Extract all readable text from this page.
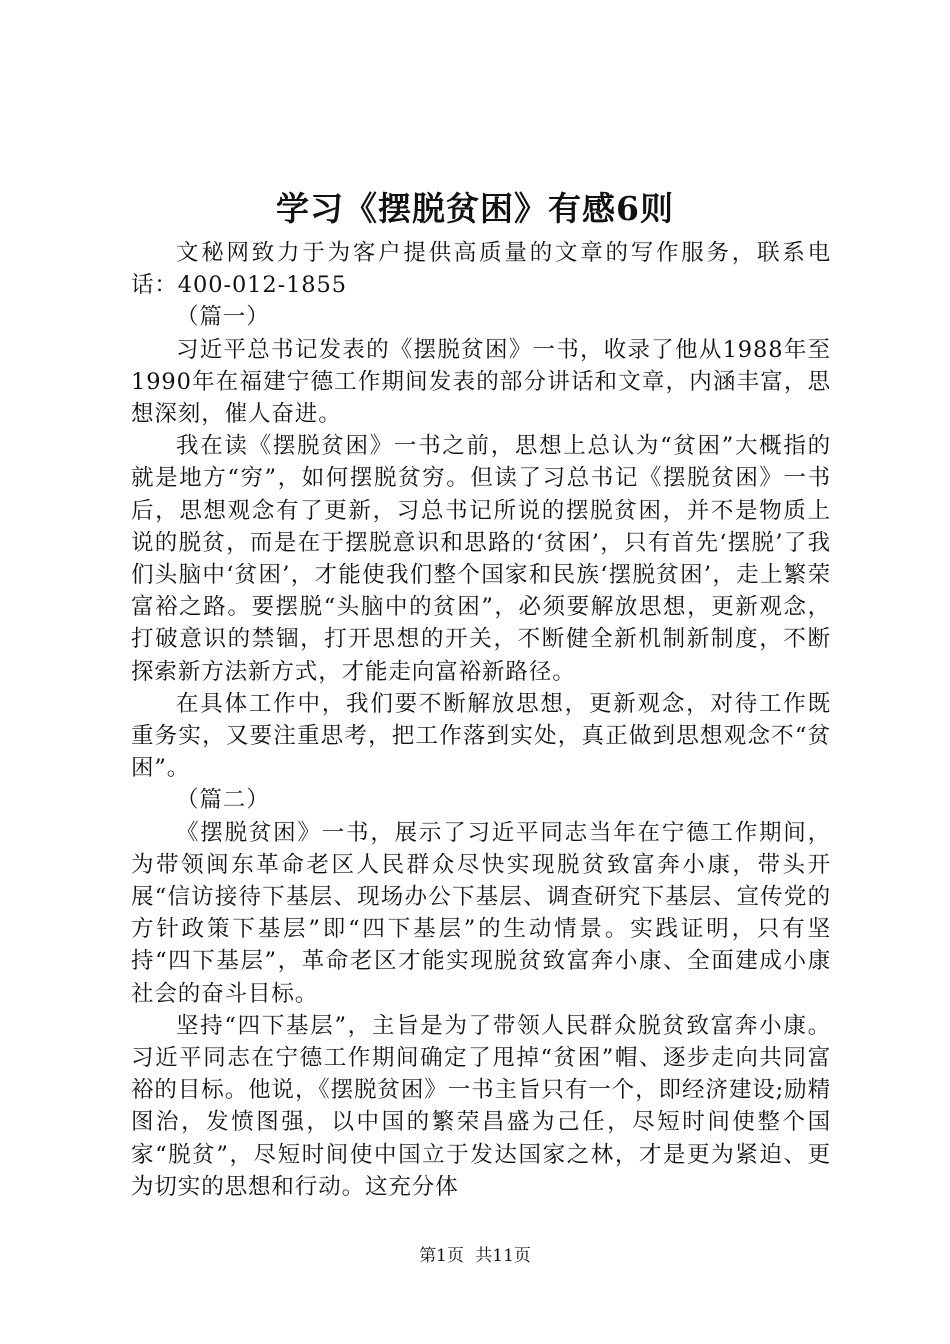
学习《摆脱贫困》有感6则

文秘网致力于为客户提供高质量的文章的写作服务，联系电话：400-012-1855

（篇一）

习近平总书记发表的《摆脱贫困》一书，收录了他从1988年至1990年在福建宁德工作期间发表的部分讲话和文章，内涵丰富，思想深刻，催人奋进。

我在读《摆脱贫困》一书之前，思想上总认为“贫困”大概指的就是地方“穷”，如何摆脱贫穷。但读了习总书记《摆脱贫困》一书后，思想观念有了更新，习总书记所说的摆脱贫困，并不是物质上说的脱贫，而是在于摆脱意识和思路的‘贫困’，只有首先‘摆脱’了我们头脑中‘贫困’，才能使我们整个国家和民族‘摆脱贫困’，走上繁荣富裕之路。要摆脱“头脑中的贫困”，必须要解放思想，更新观念，打破意识的禁锢，打开思想的开关，不断健全新机制新制度，不断探索新方法新方式，才能走向富裕新路径。

在具体工作中，我们要不断解放思想，更新观念，对待工作既重务实，又要注重思考，把工作落到实处，真正做到思想观念不“贫困”。

（篇二）

《摆脱贫困》一书，展示了习近平同志当年在宁德工作期间，为带领闽东革命老区人民群众尽快实现脱贫致富奔小康，带头开展“信访接待下基层、现场办公下基层、调查研究下基层、宣传党的方针政策下基层”即“四下基层”的生动情景。实践证明，只有坚持“四下基层”，革命老区才能实现脱贫致富奔小康、全面建成小康社会的奋斗目标。

坚持“四下基层”，主旨是为了带领人民群众脱贫致富奔小康。习近平同志在宁德工作期间确定了甩掉“贫困”帽、逐步走向共同富裕的目标。他说，《摆脱贫困》一书主旨只有一个，即经济建设;励精图治，发愤图强，以中国的繁荣昌盛为己任，尽短时间使整个国家“脱贫”，尽短时间使中国立于发达国家之林，才是更为紧迫、更为切实的思想和行动。这充分体

第1页 共11页
